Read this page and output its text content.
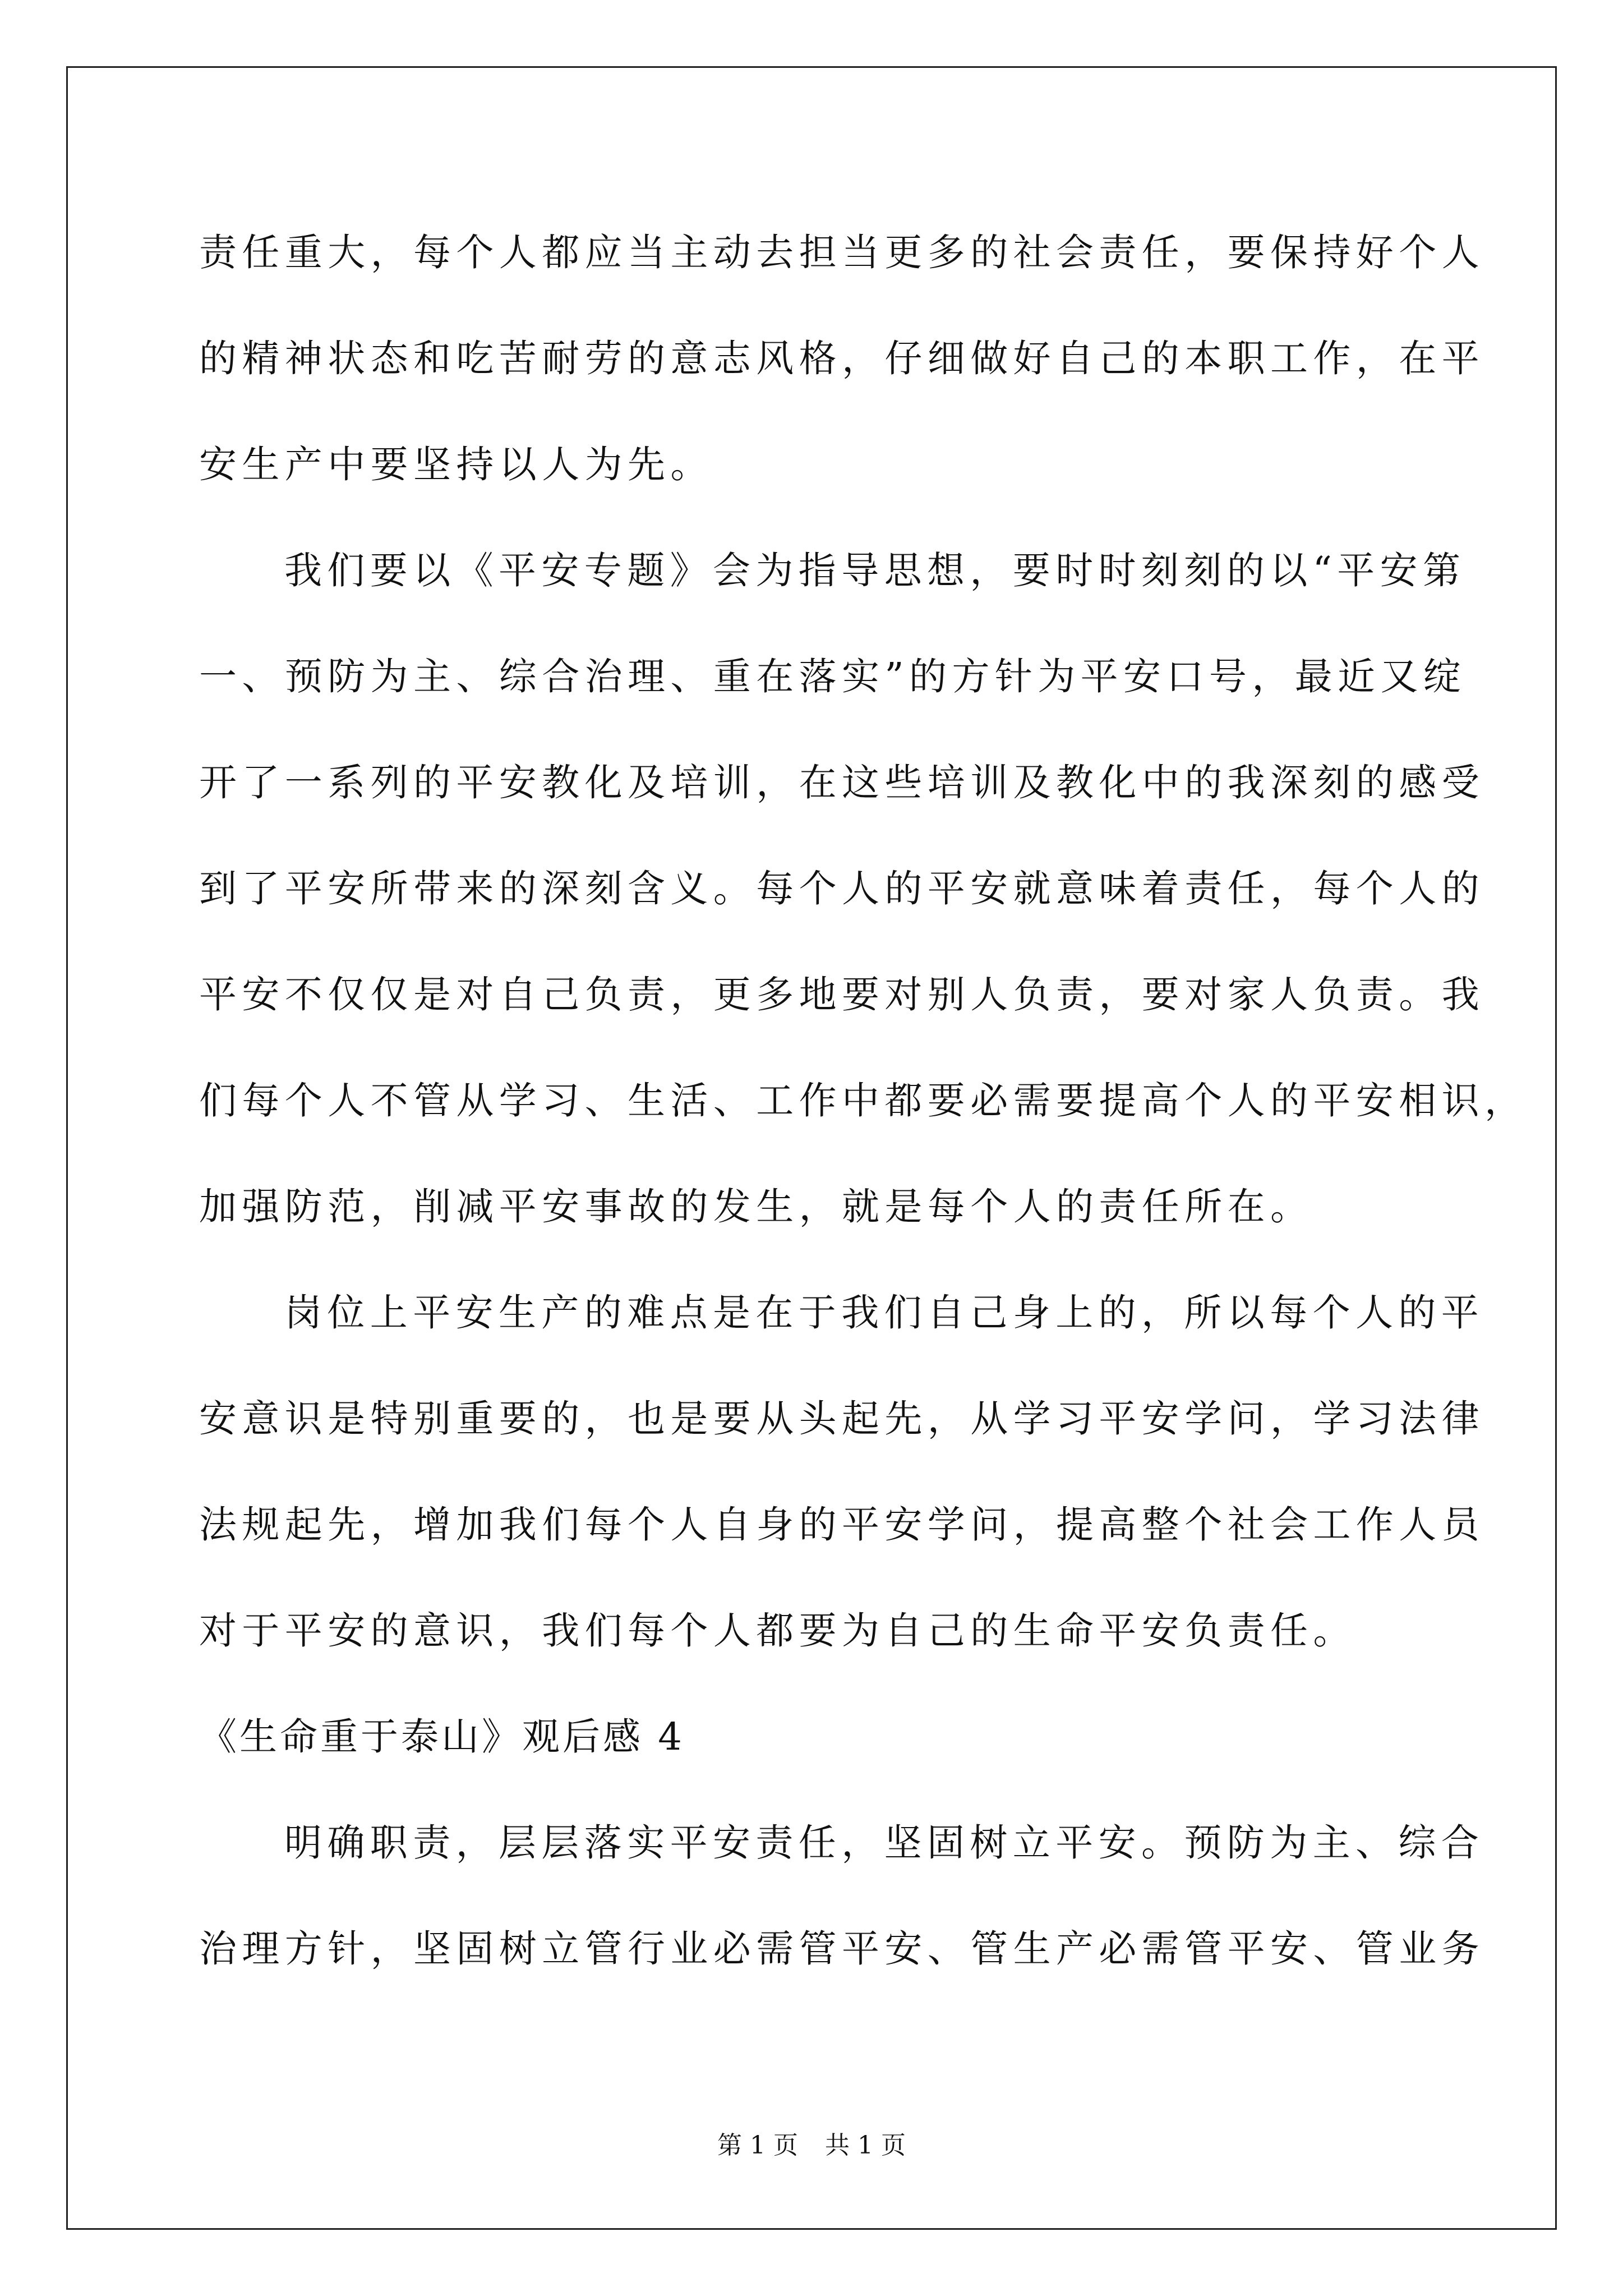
责任重大，每个人都应当主动去担当更多的社会责任，要保持好个人
的精神状态和吃苦耐劳的意志风格，仔细做好自己的本职工作，在平
安生产中要坚持以人为先。
我们要以《平安专题》会为指导思想，要时时刻刻的以“平安第
一、预防为主、综合治理、重在落实”的方针为平安口号，最近又绽
开了一系列的平安教化及培训，在这些培训及教化中的我深刻的感受
到了平安所带来的深刻含义。每个人的平安就意味着责任，每个人的
平安不仅仅是对自己负责，更多地要对别人负责，要对家人负责。我
们每个人不管从学习、生活、工作中都要必需要提高个人的平安相识，
加强防范，削减平安事故的发生，就是每个人的责任所在。
岗位上平安生产的难点是在于我们自己身上的，所以每个人的平
安意识是特别重要的，也是要从头起先，从学习平安学问，学习法律
法规起先，增加我们每个人自身的平安学问，提高整个社会工作人员
对于平安的意识，我们每个人都要为自己的生命平安负责任。
《生命重于泰山》观后感 4
明确职责，层层落实平安责任，坚固树立平安。预防为主、综合
治理方针，坚固树立管行业必需管平安、管生产必需管平安、管业务
第 1 页 共 1 页
